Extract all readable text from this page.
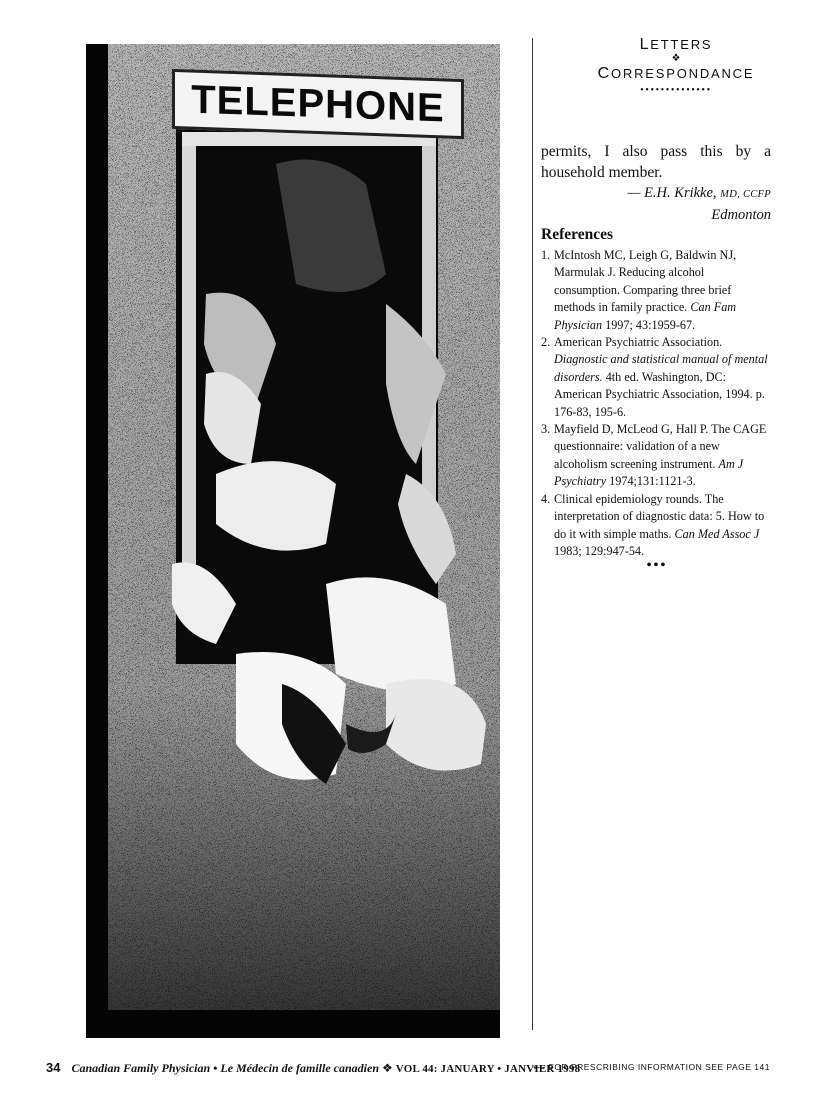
TELEPHONE
LETTERS
❖
CORRESPONDANCE
••••••••••••••

permits, I also pass this by a household member.

— E.H. Krikke, MD, CCFP
Edmonton
References
1. McIntosh MC, Leigh G, Baldwin NJ, Marmulak J. Reducing alcohol consumption. Comparing three brief methods in family practice. Can Fam Physician 1997; 43:1959-67.
2. American Psychiatric Association. Diagnostic and statistical manual of mental disorders. 4th ed. Washington, DC: American Psychiatric Association, 1994. p. 176-83, 195-6.
3. Mayfield D, McLeod G, Hall P. The CAGE questionnaire: validation of a new alcoholism screening instrument. Am J Psychiatry 1974;131:1121-3.
4. Clinical epidemiology rounds. The interpretation of diagnostic data: 5. How to do it with simple maths. Can Med Assoc J 1983; 129:947-54.
•••
34 Canadian Family Physician • Le Médecin de famille canadien ❖ VOL 44: JANUARY • JANVIER 1998
⟵ FOR PRESCRIBING INFORMATION SEE PAGE 141
